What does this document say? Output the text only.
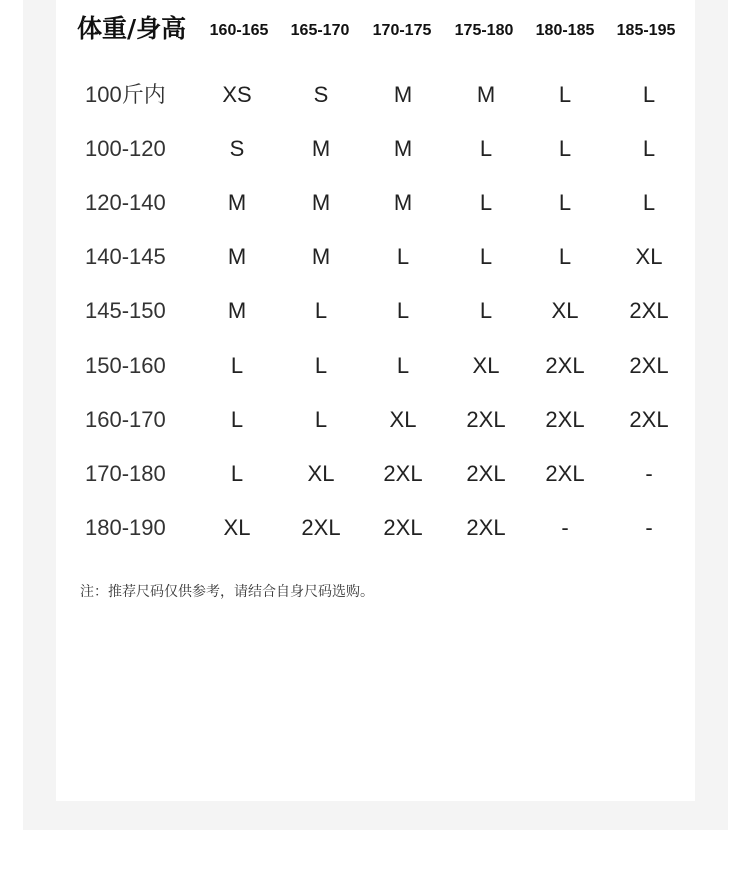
体重/身高	160-165	165-170	170-175	175-180	180-185	185-195
100斤内	XS	S	M	M	L	L
100-120	S	M	M	L	L	L
120-140	M	M	M	L	L	L
140-145	M	M	L	L	L	XL
145-150	M	L	L	L	XL	2XL
150-160	L	L	L	XL	2XL	2XL
160-170	L	L	XL	2XL	2XL	2XL
170-180	L	XL	2XL	2XL	2XL	-
180-190	XL	2XL	2XL	2XL	-	-
注：推荐尺码仅供参考，请结合自身尺码选购。
